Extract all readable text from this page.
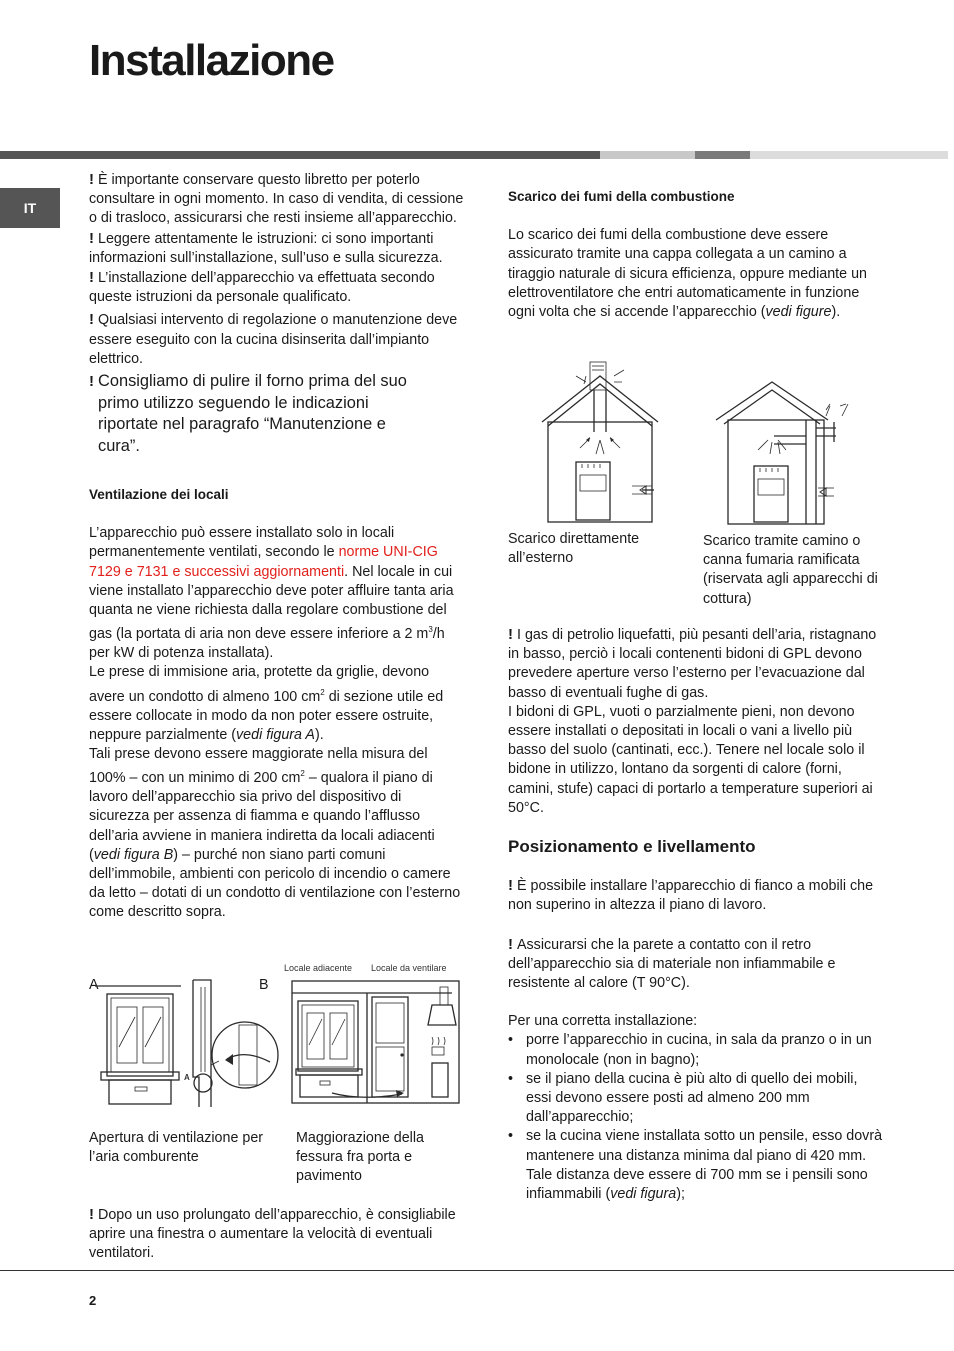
Installazione
IT

! È importante conservare questo libretto per poterlo consultare in ogni momento. In caso di vendita, di cessione o di trasloco, assicurarsi che resti insieme all’apparecchio.

! Leggere attentamente le istruzioni: ci sono importanti informazioni sull’installazione, sull’uso e sulla sicurezza.

! L’installazione dell’apparecchio va effettuata secondo queste istruzioni da personale qualificato.

! Qualsiasi intervento di regolazione o manutenzione deve essere eseguito con la cucina disinserita dall’impianto elettrico.

! Consigliamo di pulire il forno prima del suo primo utilizzo seguendo le indicazioni riportate nel paragrafo “Manutenzione e cura”.

Ventilazione dei locali

L’apparecchio può essere installato solo in locali permanentemente ventilati, secondo le norme UNI-CIG 7129 e 7131 e successivi aggiornamenti. Nel locale in cui viene installato l’apparecchio deve poter affluire tanta aria quanta ne viene richiesta dalla regolare combustione del gas (la portata di aria non deve essere inferiore a 2 $m^3/h$ per kW di potenza installata).

Le prese di immisione aria, protette da griglie, devono avere un condotto di almeno 100 $cm^2$ di sezione utile ed essere collocate in modo da non poter essere ostruite, neppure parzialmente (vedi figura A).

Tali prese devono essere maggiorate nella misura del 100% – con un minimo di 200 $cm^2$ – qualora il piano di lavoro dell’apparecchio sia privo del dispositivo di sicurezza per assenza di fiamma e quando l’afflusso dell’aria avviene in maniera indiretta da locali adiacenti (vedi figura B) – purché non siano parti comuni dell’immobile, ambienti con pericolo di incendio o camere da letto – dotati di un condotto di ventilazione con l’esterno come descritto sopra.

A	B
Locale adiacente Locale da ventilare
A
Apertura di ventilazione per l’aria comburente
Maggiorazione della fessura fra porta e pavimento

! Dopo un uso prolungato dell’apparecchio, è consigliabile aprire una finestra o aumentare la velocità di eventuali ventilatori.

Scarico dei fumi della combustione

Lo scarico dei fumi della combustione deve essere assicurato tramite una cappa collegata a un camino a tiraggio naturale di sicura efficienza, oppure mediante un elettroventilatore che entri automaticamente in funzione ogni volta che si accende l’apparecchio (vedi figure).

Scarico direttamente all’esterno
Scarico tramite camino o canna fumaria ramificata (riservata agli apparecchi di cottura)

! I gas di petrolio liquefatti, più pesanti dell’aria, ristagnano in basso, perciò i locali contenenti bidoni di GPL devono prevedere aperture verso l’esterno per l’evacuazione dal basso di eventuali fughe di gas.

I bidoni di GPL, vuoti o parzialmente pieni, non devono essere installati o depositati in locali o vani a livello più basso del suolo (cantinati, ecc.). Tenere nel locale solo il bidone in utilizzo, lontano da sorgenti di calore (forni, camini, stufe) capaci di portarlo a temperature superiori ai 50°C.

Posizionamento e livellamento

! È possibile installare l’apparecchio di fianco a mobili che non superino in altezza il piano di lavoro.

! Assicurarsi che la parete a contatto con il retro dell’apparecchio sia di materiale non infiammabile e resistente al calore (T 90°C).

Per una corretta installazione:

• porre l’apparecchio in cucina, in sala da pranzo o in un monolocale (non in bagno);
• se il piano della cucina è più alto di quello dei mobili, essi devono essere posti ad almeno 200 mm dall’apparecchio;
• se la cucina viene installata sotto un pensile, esso dovrà mantenere una distanza minima dal piano di 420 mm.

Tale distanza deve essere di 700 mm se i pensili sono infiammabili (vedi figura);

2
